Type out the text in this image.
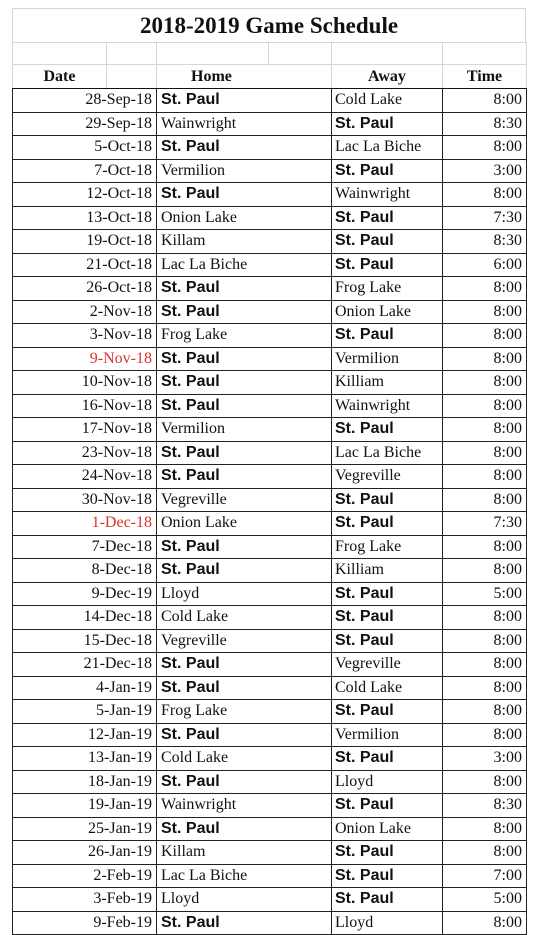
2018-2019 Game Schedule

Date		Home		Away	Time
28-Sep-18		St. Paul		Cold Lake	8:00
29-Sep-18		Wainwright		St. Paul	8:30
5-Oct-18		St. Paul		Lac La Biche	8:00
7-Oct-18		Vermilion		St. Paul	3:00
12-Oct-18		St. Paul		Wainwright	8:00
13-Oct-18		Onion Lake		St. Paul	7:30
19-Oct-18		Killam		St. Paul	8:30
21-Oct-18		Lac La Biche		St. Paul	6:00
26-Oct-18		St. Paul		Frog Lake	8:00
2-Nov-18		St. Paul		Onion Lake	8:00
3-Nov-18		Frog Lake		St. Paul	8:00
9-Nov-18		St. Paul		Vermilion	8:00
10-Nov-18		St. Paul		Killiam	8:00
16-Nov-18		St. Paul		Wainwright	8:00
17-Nov-18		Vermilion		St. Paul	8:00
23-Nov-18		St. Paul		Lac La Biche	8:00
24-Nov-18		St. Paul		Vegreville	8:00
30-Nov-18		Vegreville		St. Paul	8:00
1-Dec-18		Onion Lake		St. Paul	7:30
7-Dec-18		St. Paul		Frog Lake	8:00
8-Dec-18		St. Paul		Killiam	8:00
9-Dec-19		Lloyd		St. Paul	5:00
14-Dec-18		Cold Lake		St. Paul	8:00
15-Dec-18		Vegreville		St. Paul	8:00
21-Dec-18		St. Paul		Vegreville	8:00
4-Jan-19		St. Paul		Cold Lake	8:00
5-Jan-19		Frog Lake		St. Paul	8:00
12-Jan-19		St. Paul		Vermilion	8:00
13-Jan-19		Cold Lake		St. Paul	3:00
18-Jan-19		St. Paul		Lloyd	8:00
19-Jan-19		Wainwright		St. Paul	8:30
25-Jan-19		St. Paul		Onion Lake	8:00
26-Jan-19		Killam		St. Paul	8:00
2-Feb-19		Lac La Biche		St. Paul	7:00
3-Feb-19		Lloyd		St. Paul	5:00
9-Feb-19		St. Paul		Lloyd	8:00
